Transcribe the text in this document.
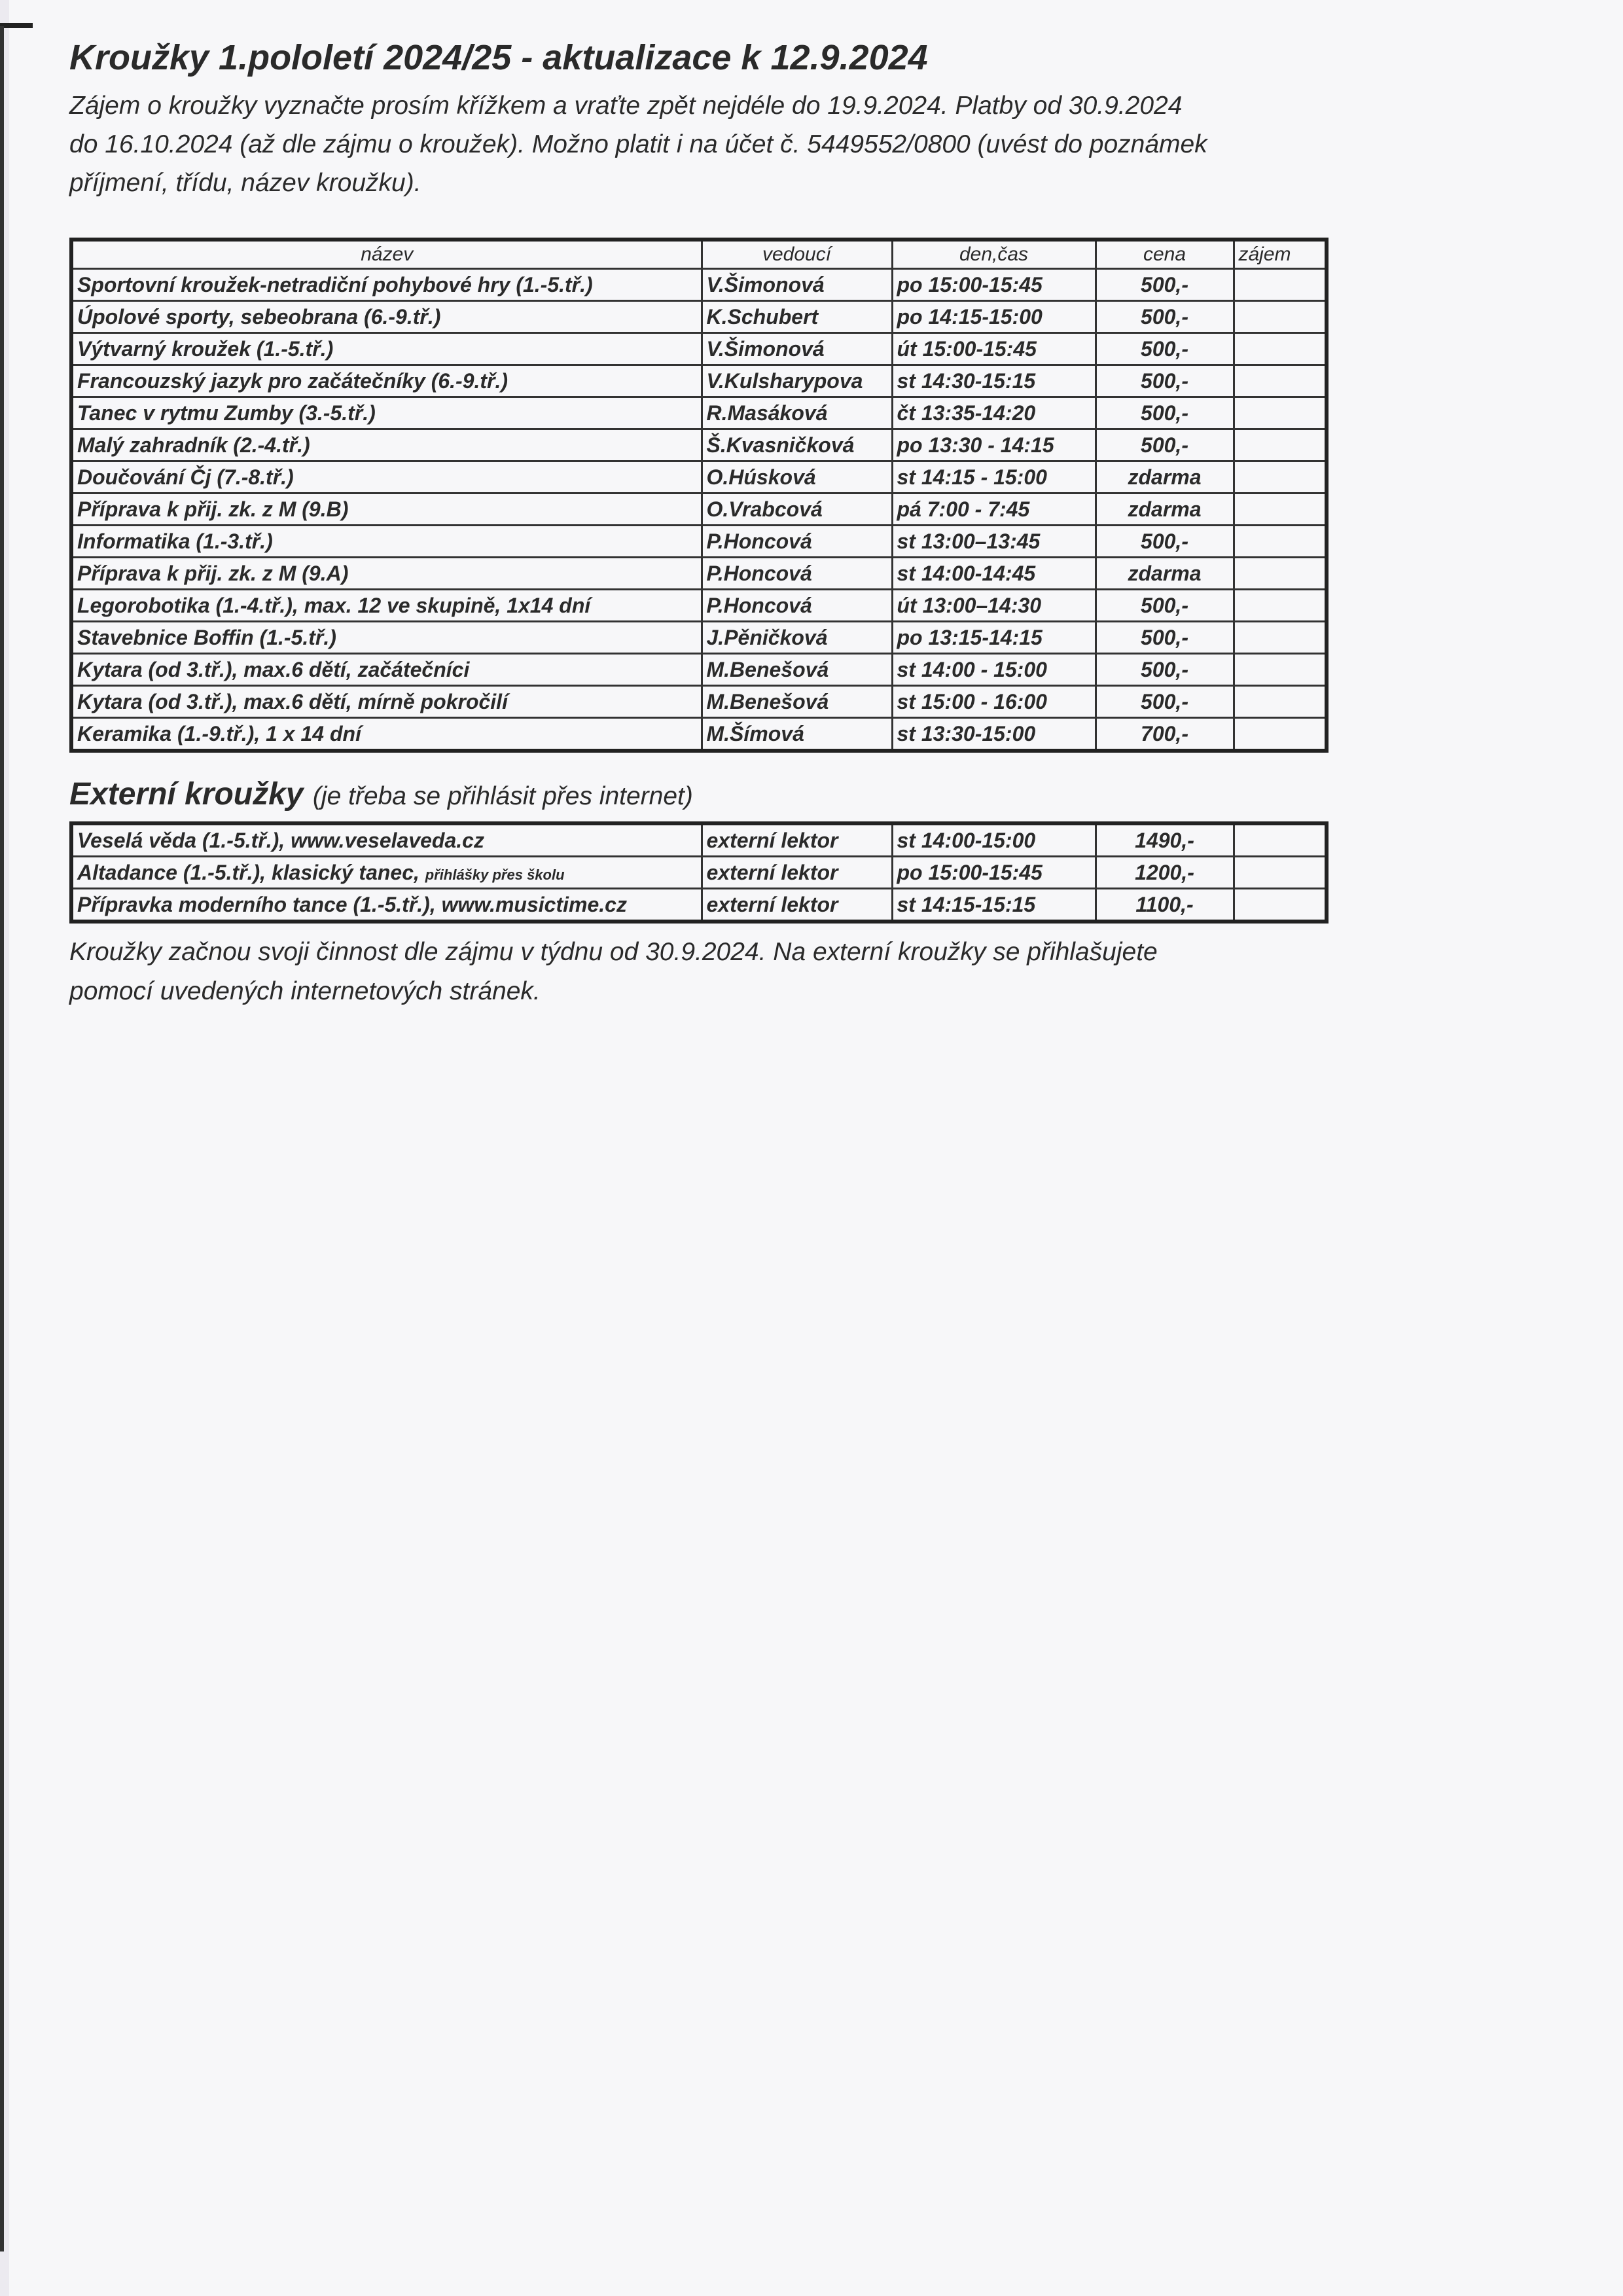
Kroužky 1.pololetí 2024/25 - aktualizace k 12.9.2024
Zájem o kroužky vyznačte prosím křížkem a vraťte zpět nejdéle do 19.9.2024. Platby od 30.9.2024
do 16.10.2024 (až dle zájmu o kroužek). Možno platit i na účet č. 5449552/0800 (uvést do poznámek
příjmení, třídu, název kroužku).
název	vedoucí	den,čas	cena	zájem
Sportovní kroužek-netradiční pohybové hry (1.-5.tř.)	V.Šimonová	po 15:00-15:45	500,-	
Úpolové sporty, sebeobrana (6.-9.tř.)	K.Schubert	po 14:15-15:00	500,-	
Výtvarný kroužek (1.-5.tř.)	V.Šimonová	út 15:00-15:45	500,-	
Francouzský jazyk pro začátečníky (6.-9.tř.)	V.Kulsharypova	st 14:30-15:15	500,-	
Tanec v rytmu Zumby (3.-5.tř.)	R.Masáková	čt 13:35-14:20	500,-	
Malý zahradník (2.-4.tř.)	Š.Kvasničková	po 13:30 - 14:15	500,-	
Doučování Čj (7.-8.tř.)	O.Húsková	st 14:15 - 15:00	zdarma	
Příprava k přij. zk. z M (9.B)	O.Vrabcová	pá 7:00 - 7:45	zdarma	
Informatika (1.-3.tř.)	P.Honcová	st 13:00–13:45	500,-	
Příprava k přij. zk. z M (9.A)	P.Honcová	st 14:00-14:45	zdarma	
Legorobotika (1.-4.tř.), max. 12 ve skupině, 1x14 dní	P.Honcová	út 13:00–14:30	500,-	
Stavebnice Boffin (1.-5.tř.)	J.Pěničková	po 13:15-14:15	500,-	
Kytara (od 3.tř.), max.6 dětí, začátečníci	M.Benešová	st 14:00 - 15:00	500,-	
Kytara (od 3.tř.), max.6 dětí, mírně pokročilí	M.Benešová	st 15:00 - 16:00	500,-	
Keramika (1.-9.tř.), 1 x 14 dní	M.Šímová	st 13:30-15:00	700,-	
Externí kroužky (je třeba se přihlásit přes internet)
Veselá věda (1.-5.tř.), www.veselaveda.cz	externí lektor	st 14:00-15:00	1490,-	
Altadance (1.-5.tř.), klasický tanec, přihlášky přes školu	externí lektor	po 15:00-15:45	1200,-	
Přípravka moderního tance (1.-5.tř.), www.musictime.cz	externí lektor	st 14:15-15:15	1100,-	
Kroužky začnou svoji činnost dle zájmu v týdnu od 30.9.2024. Na externí kroužky se přihlašujete
pomocí uvedených internetových stránek.
